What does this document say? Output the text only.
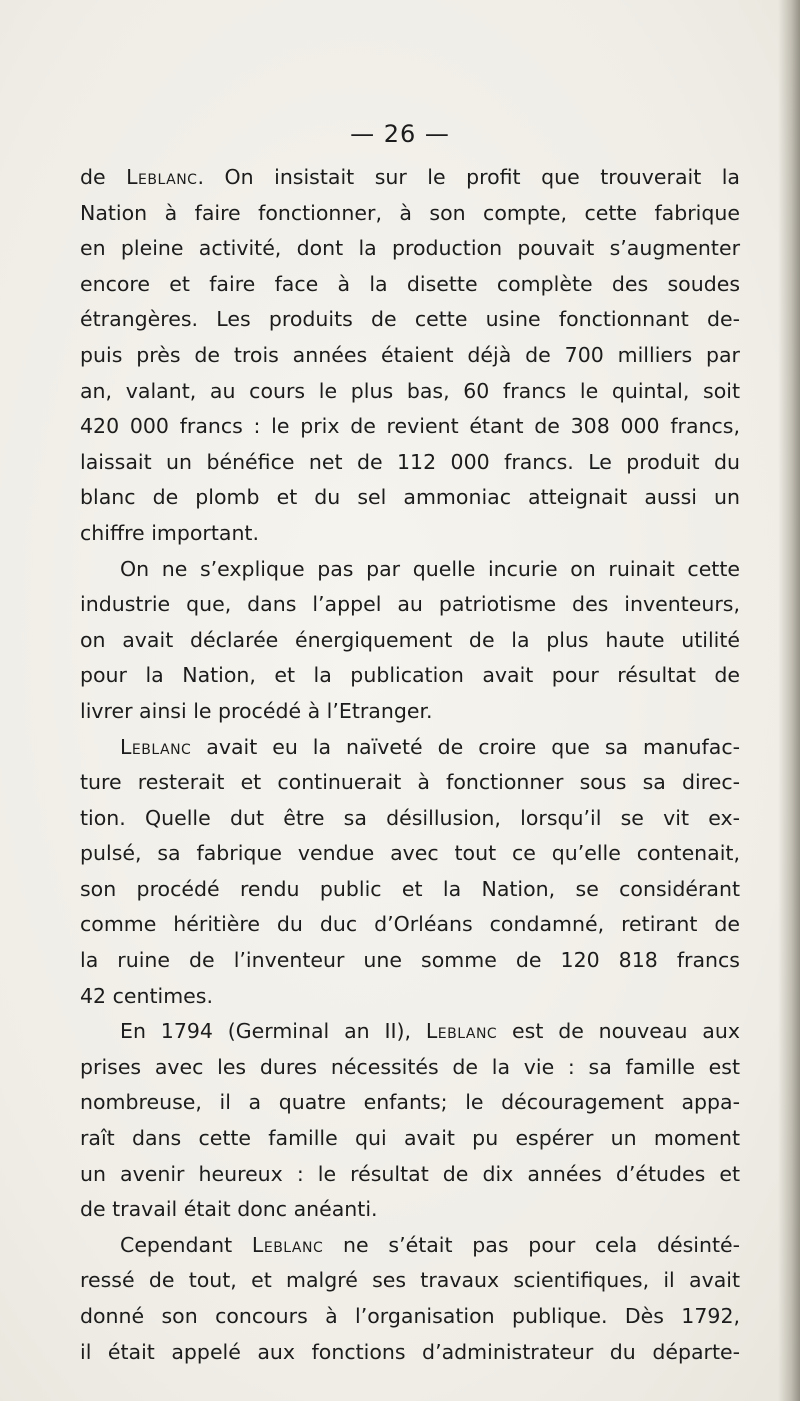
— 26 —

de Leblanc. On insistait sur le profit que trouverait la

Nation à faire fonctionner, à son compte, cette fabrique

en pleine activité, dont la production pouvait s’augmenter

encore et faire face à la disette complète des soudes

étrangères. Les produits de cette usine fonctionnant de-

puis près de trois années étaient déjà de 700 milliers par

an, valant, au cours le plus bas, 60 francs le quintal, soit

420 000 francs : le prix de revient étant de 308 000 francs,

laissait un bénéfice net de 112 000 francs. Le produit du

blanc de plomb et du sel ammoniac atteignait aussi un

chiffre important.

On ne s’explique pas par quelle incurie on ruinait cette

industrie que, dans l’appel au patriotisme des inventeurs,

on avait déclarée énergiquement de la plus haute utilité

pour la Nation, et la publication avait pour résultat de

livrer ainsi le procédé à l’Etranger.

Leblanc avait eu la naïveté de croire que sa manufac-

ture resterait et continuerait à fonctionner sous sa direc-

tion. Quelle dut être sa désillusion, lorsqu’il se vit ex-

pulsé, sa fabrique vendue avec tout ce qu’elle contenait,

son procédé rendu public et la Nation, se considérant

comme héritière du duc d’Orléans condamné, retirant de

la ruine de l’inventeur une somme de 120 818 francs

42 centimes.

En 1794 (Germinal an II), Leblanc est de nouveau aux

prises avec les dures nécessités de la vie : sa famille est

nombreuse, il a quatre enfants; le découragement appa-

raît dans cette famille qui avait pu espérer un moment

un avenir heureux : le résultat de dix années d’études et

de travail était donc anéanti.

Cependant Leblanc ne s’était pas pour cela désinté-

ressé de tout, et malgré ses travaux scientifiques, il avait

donné son concours à l’organisation publique. Dès 1792,

il était appelé aux fonctions d’administrateur du départe-
